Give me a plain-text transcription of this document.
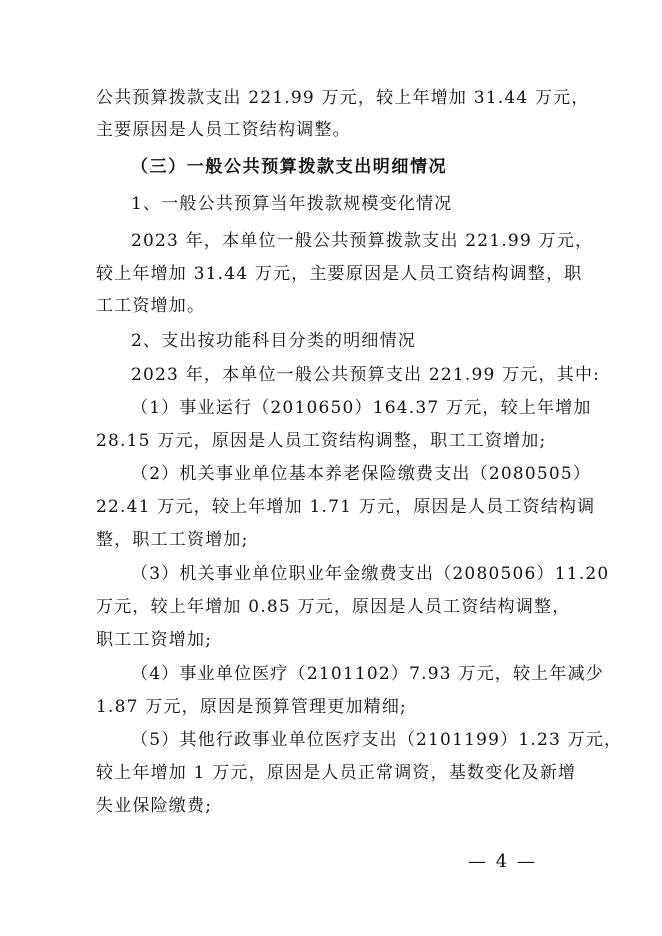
公共预算拨款支出 221.99 万元，较上年增加 31.44 万元，
主要原因是人员工资结构调整。
（三）一般公共预算拨款支出明细情况
1、一般公共预算当年拨款规模变化情况
2023 年，本单位一般公共预算拨款支出 221.99 万元，
较上年增加 31.44 万元，主要原因是人员工资结构调整，职
工工资增加。
2、支出按功能科目分类的明细情况
2023 年，本单位一般公共预算支出 221.99 万元，其中:
（1）事业运行（2010650）164.37 万元，较上年增加
28.15 万元，原因是人员工资结构调整，职工工资增加;
（2）机关事业单位基本养老保险缴费支出（2080505）
22.41 万元，较上年增加 1.71 万元，原因是人员工资结构调
整，职工工资增加;
（3）机关事业单位职业年金缴费支出（2080506）11.20
万元，较上年增加 0.85 万元，原因是人员工资结构调整，
职工工资增加;
（4）事业单位医疗（2101102）7.93 万元，较上年减少
1.87 万元，原因是预算管理更加精细;
（5）其他行政事业单位医疗支出（2101199）1.23 万元，
较上年增加 1 万元，原因是人员正常调资，基数变化及新增
失业保险缴费;
— 4 —
